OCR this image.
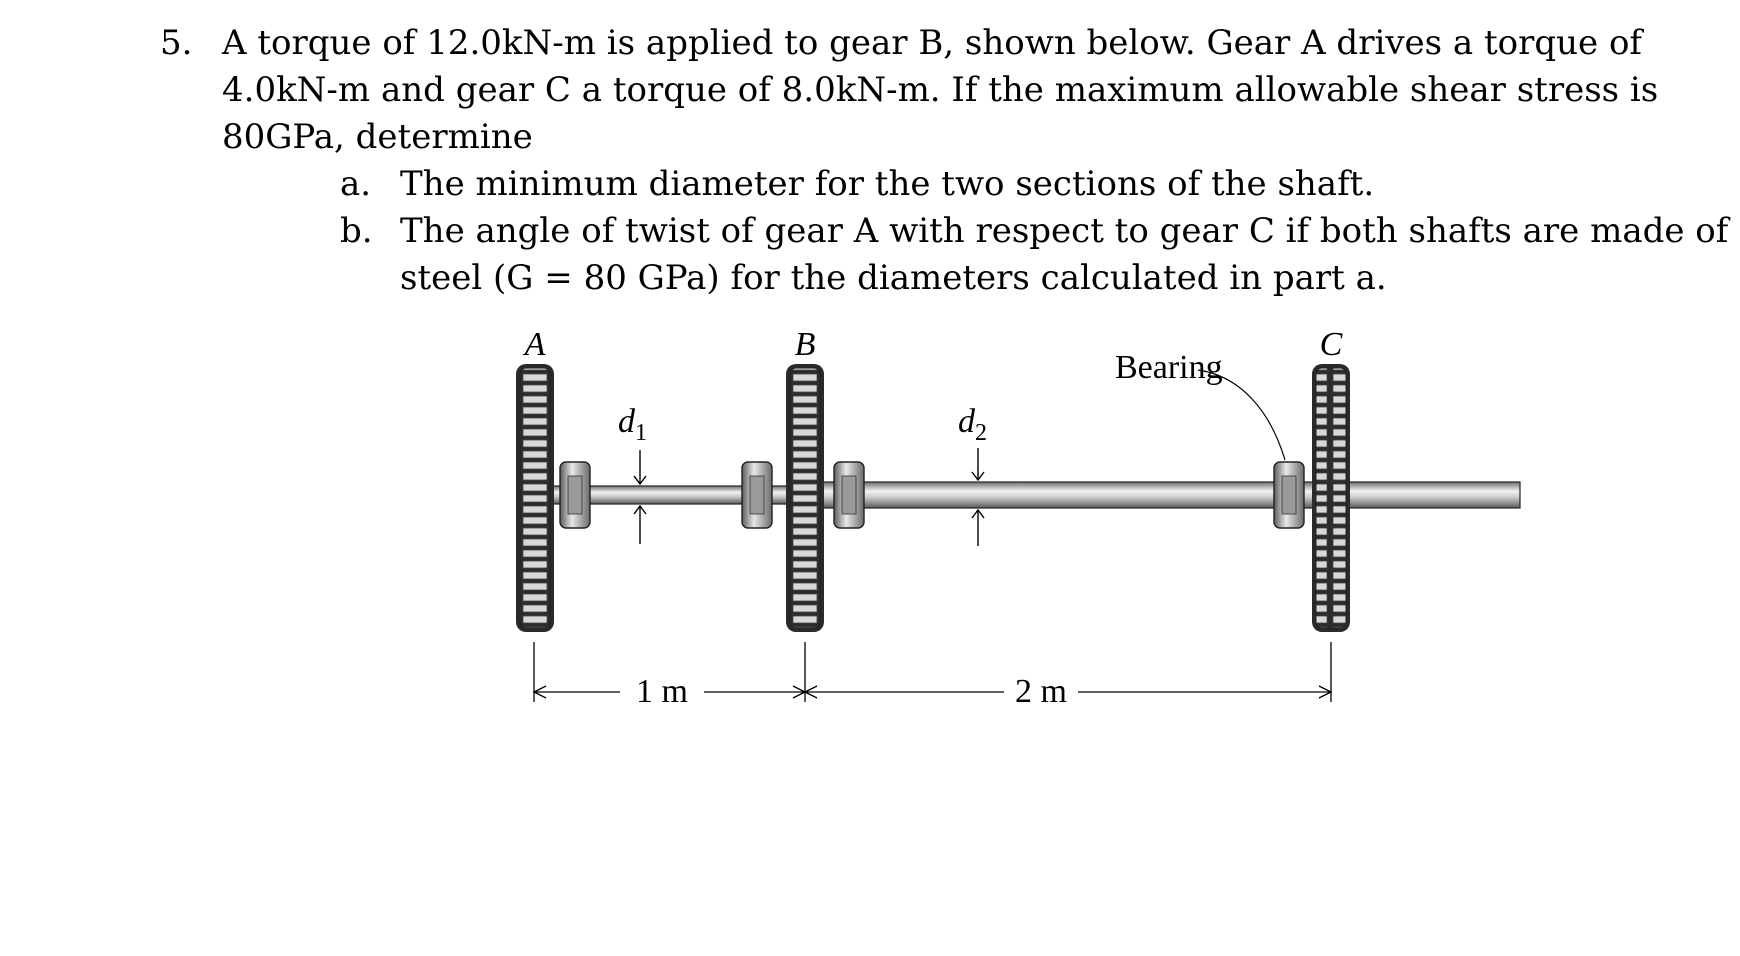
5. A torque of 12.0kN-m is applied to gear B, shown below. Gear A drives a torque of 4.0kN-m and gear C a torque of 8.0kN-m. If the maximum allowable shear stress is 80GPa, determine
a. The minimum diameter for the two sections of the shaft.
b. The angle of twist of gear A with respect to gear C if both shafts are made of steel (G = 80 GPa) for the diameters calculated in part a.
A	B	C
Bearing
$d_1$	$d_2$
1 m	2 m
